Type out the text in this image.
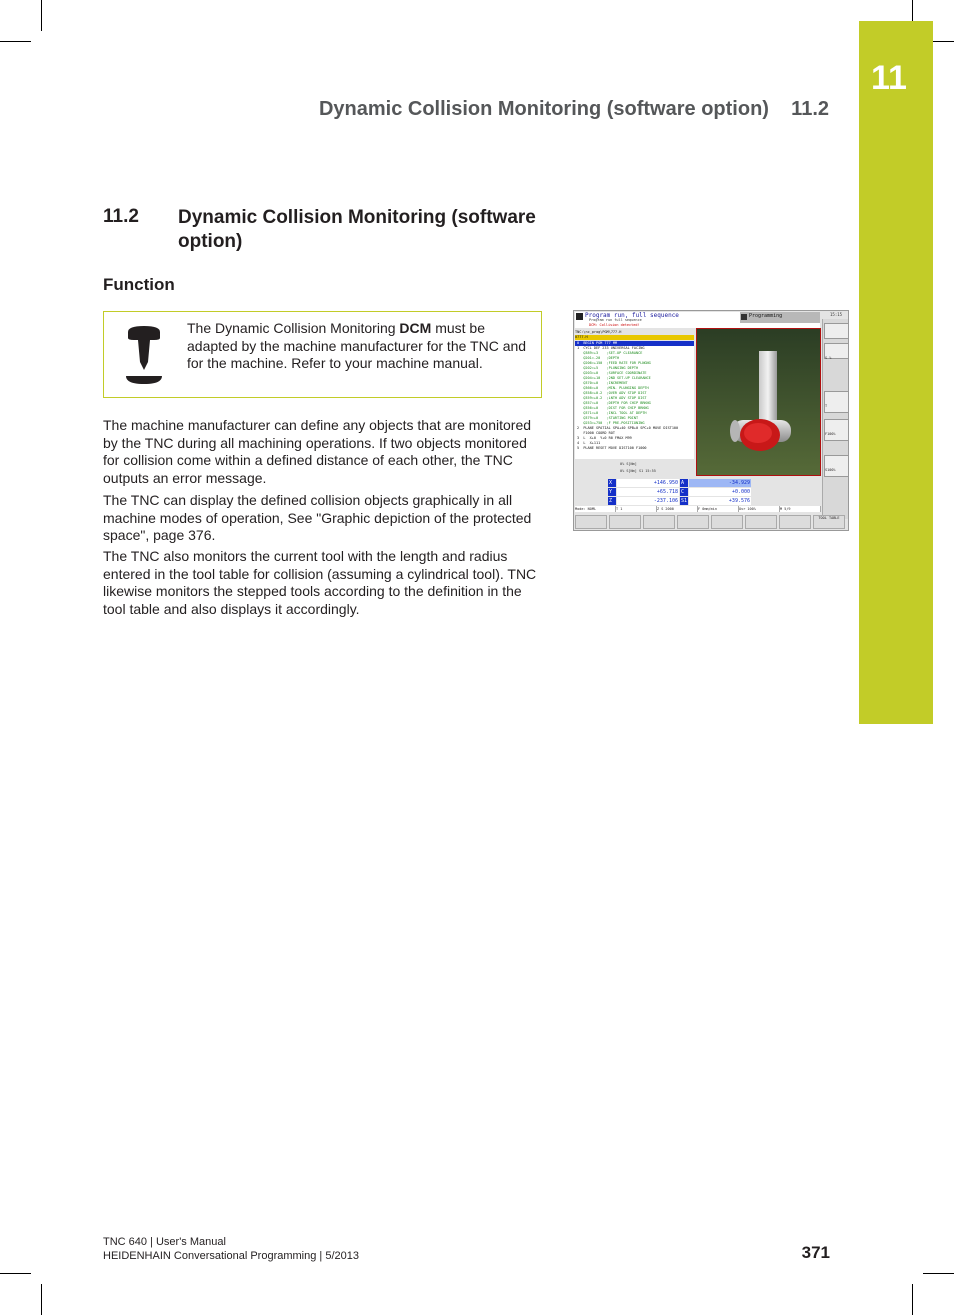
11
Dynamic Collision Monitoring (software option)    11.2
11.2 Dynamic Collision Monitoring (software option)
Function
The Dynamic Collision Monitoring DCM must be adapted by the machine manufacturer for the TNC and for the machine. Refer to your machine manual.
The machine manufacturer can define any objects that are monitored by the TNC during all machining operations. If two objects monitored for collision come within a defined distance of each other, the TNC outputs an error message.
The TNC can display the defined collision objects graphically in all machine modes of operation, See "Graphic depiction of the protected space", page 376.
The TNC also monitors the current tool with the length and radius entered in the tool table for collision (assuming a cylindrical tool). TNC likewise monitors the stepped tools according to the definition in the tool table and also displays it accordingly.
Program run, full sequence
Program run full sequence
DCM: Collision detected!
Programming	15:15
TNC:\nc_prog\PGM\777.H
0777.H
0  BEGIN PGM 777 MM
1  CYCL DEF 233 UNIVERSAL FACING
Q389=+3    ;SET-UP CLEARANCE
Q201=-20   ;DEPTH
Q206=+150  ;FEED RATE FOR PLNGNG
Q202=+5    ;PLUNGING DEPTH
Q203=+0    ;SURFACE COORDINATE
Q204=+10   ;2ND SET-UP CLEARANCE
Q370=+0    ;INCREMENT
Q366=+0    ;MIN. PLUNGING DEPTH
Q358=+0.2  ;OVER ADV STOP DIST
Q359=+0.2  ;LNTH ADV STOP DIST
Q357=+0    ;DEPTH FOR CHIP BRKNG
Q356=+0    ;DIST FOR CHIP BRKNG
Q371=+0    ;INCL TOOL AT DEPTH
Q379=+0    ;STARTING POINT
Q253=+750  ;F PRE-POSITIONING
2  PLANE SPATIAL SPA+40 SPB+0 SPC+0 MOVE DIST100
F1000 COORD ROT
3  L  X+0  Y+0 R0 FMAX M99
4  L  X+111
5  PLANE RESET MOVE DIST100 F1000
S %
T
F100%
S100%
0% S[Nm]
0% S[Nm] S1 15:55
X	+146.950 A	-34.929
Y	+65.718 C	+0.000
Z	-237.106 S1	+39.576
Mode: NOML	T 1	Z S 2000	F 0mm/min	Ovr 100%	M 5/9
TOOL TABLE
TNC 640 | User's Manual
HEIDENHAIN Conversational Programming | 5/2013	371
